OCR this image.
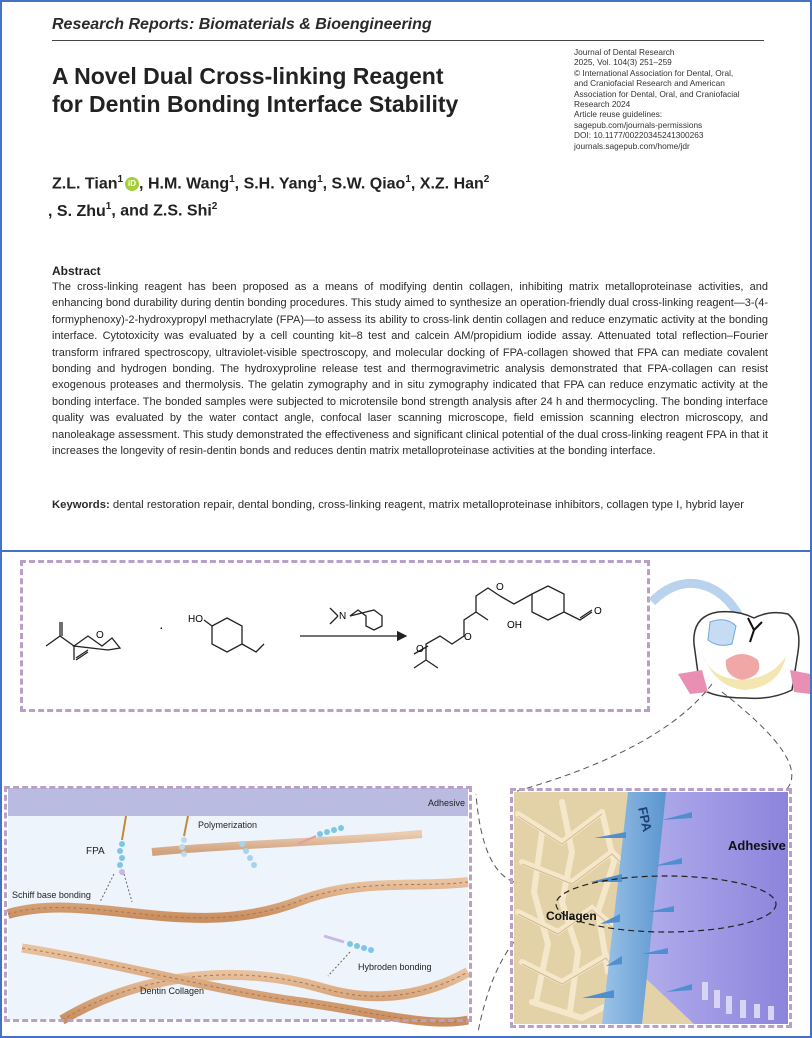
Research Reports: Biomaterials & Bioengineering
A Novel Dual Cross-linking Reagent
for Dentin Bonding Interface Stability
Journal of Dental Research
2025, Vol. 104(3) 251–259
© International Association for Dental, Oral,
and Craniofacial Research and American
Association for Dental, Oral, and Craniofacial
Research 2024
Article reuse guidelines:
sagepub.com/journals-permissions
DOI: 10.1177/00220345241300263
journals.sagepub.com/home/jdr
Z.L. Tian$^1$ iD , H.M. Wang$^1$, S.H. Yang$^1$, S.W. Qiao$^1$, X.Z. Han$^2$
, S. Zhu$^1$, and Z.S. Shi$^2$
Abstract
The cross-linking reagent has been proposed as a means of modifying dentin collagen, inhibiting matrix metalloproteinase activities, and enhancing bond durability during dentin bonding procedures. This study aimed to synthesize an operation-friendly dual cross-linking reagent—3-(4-formyphenoxy)-2-hydroxypropyl methacrylate (FPA)—to assess its ability to cross-link dentin collagen and reduce enzymatic activity at the bonding interface. Cytotoxicity was evaluated by a cell counting kit–8 test and calcein AM/propidium iodide assay. Attenuated total reflection–Fourier transform infrared spectroscopy, ultraviolet-visible spectroscopy, and molecular docking of FPA-collagen showed that FPA can mediate covalent bonding and hydrogen bonding. The hydroxyproline release test and thermogravimetric analysis demonstrated that FPA-collagen can resist exogenous proteases and thermolysis. The gelatin zymography and in situ zymography indicated that FPA can reduce enzymatic activity at the bonding interface. The bonded samples were subjected to microtensile bond strength analysis after 24 h and thermocycling. The bonding interface quality was evaluated by the water contact angle, confocal laser scanning microscope, field emission scanning electron microscopy, and nanoleakage assessment. This study demonstrated the effectiveness and significant clinical potential of the dual cross-linking reagent FPA in that it increases the longevity of resin-dentin bonds and reduces dentin matrix metalloproteinase activities at the bonding interface.
Keywords: dental restoration repair, dental bonding, cross-linking reagent, matrix metalloproteinase inhibitors, collagen type I, hybrid layer
O
· HO	N
O
OH
O
O
O
Adhesive
FPA
Polymerization
Schiff base bonding
Hybroden bonding
Dentin Collagen
FPA
Adhesive
Collagen
